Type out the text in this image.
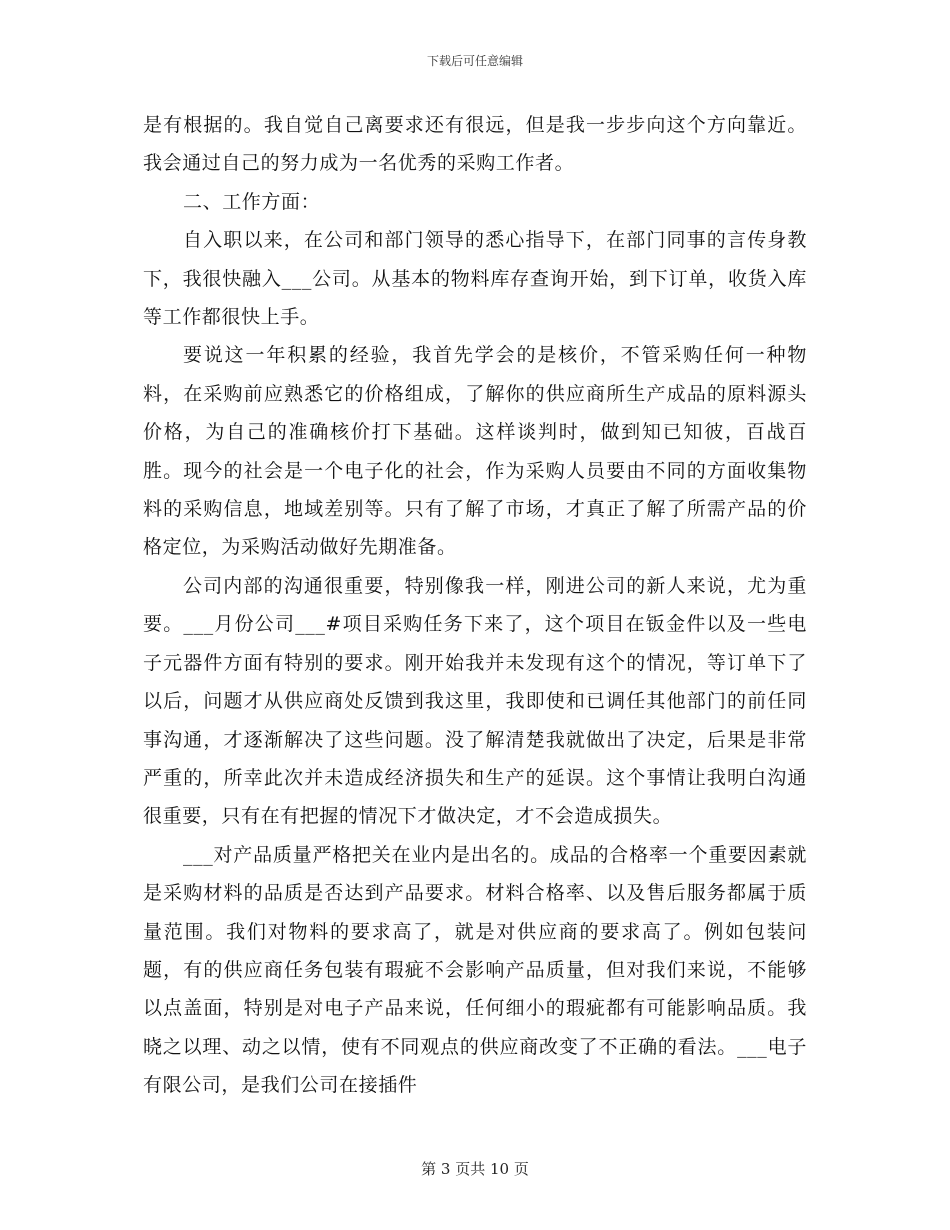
下载后可任意编辑

是有根据的。我自觉自己离要求还有很远，但是我一步步向这个方向靠近。我会通过自己的努力成为一名优秀的采购工作者。

二、工作方面：

自入职以来，在公司和部门领导的悉心指导下，在部门同事的言传身教下，我很快融入___公司。从基本的物料库存查询开始，到下订单，收货入库等工作都很快上手。

要说这一年积累的经验，我首先学会的是核价，不管采购任何一种物料，在采购前应熟悉它的价格组成，了解你的供应商所生产成品的原料源头价格，为自己的准确核价打下基础。这样谈判时，做到知已知彼，百战百胜。现今的社会是一个电子化的社会，作为采购人员要由不同的方面收集物料的采购信息，地域差别等。只有了解了市场，才真正了解了所需产品的价格定位，为采购活动做好先期准备。

公司内部的沟通很重要，特别像我一样，刚进公司的新人来说，尤为重要。___月份公司___#项目采购任务下来了，这个项目在钣金件以及一些电子元器件方面有特别的要求。刚开始我并未发现有这个的情况，等订单下了以后，问题才从供应商处反馈到我这里，我即使和已调任其他部门的前任同事沟通，才逐渐解决了这些问题。没了解清楚我就做出了决定，后果是非常严重的，所幸此次并未造成经济损失和生产的延误。这个事情让我明白沟通很重要，只有在有把握的情况下才做决定，才不会造成损失。

___对产品质量严格把关在业内是出名的。成品的合格率一个重要因素就是采购材料的品质是否达到产品要求。材料合格率、以及售后服务都属于质量范围。我们对物料的要求高了，就是对供应商的要求高了。例如包装问题，有的供应商任务包装有瑕疵不会影响产品质量，但对我们来说，不能够以点盖面，特别是对电子产品来说，任何细小的瑕疵都有可能影响品质。我晓之以理、动之以情，使有不同观点的供应商改变了不正确的看法。___电子有限公司，是我们公司在接插件

第 3 页共 10 页
